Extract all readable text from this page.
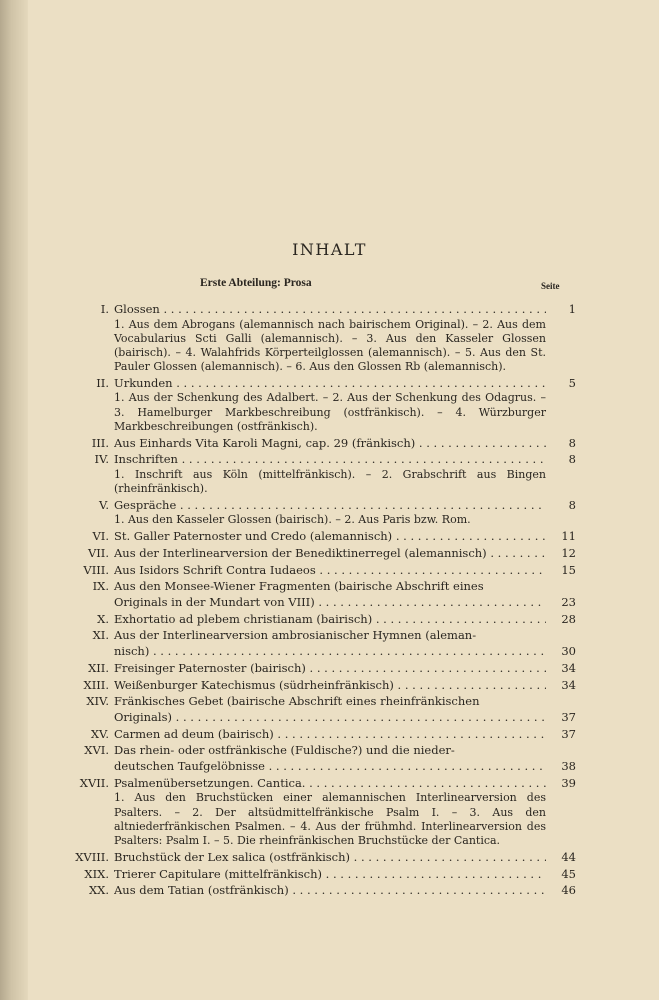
INHALT
Erste Abteilung: Prosa	Seite
I. Glossen . . .	1
1. Aus dem Abrogans (alemannisch nach bairischem Original). – 2. Aus dem Vocabularius Scti Galli (alemannisch). – 3. Aus den Kasseler Glossen (bairisch). – 4. Walahfrids Körperteilglossen (alemannisch). – 5. Aus den St. Pauler Glossen (alemannisch). – 6. Aus den Glossen Rb (alemannisch).
II. Urkunden . . .	5
1. Aus der Schenkung des Adalbert. – 2. Aus der Schenkung des Odagrus. – 3. Hamelburger Markbeschreibung (ostfränkisch). – 4. Würzburger Markbeschreibungen (ostfränkisch).
III. Aus Einhards Vita Karoli Magni, cap. 29 (fränkisch) . . .	8
IV. Inschriften . . .	8
1. Inschrift aus Köln (mittelfränkisch). – 2. Grabschrift aus Bingen (rheinfränkisch).
V. Gespräche . . .	8
1. Aus den Kasseler Glossen (bairisch). – 2. Aus Paris bzw. Rom.
VI. St. Galler Paternoster und Credo (alemannisch) . . .	11
VII. Aus der Interlinearversion der Benediktinerregel (alemannisch) . . .	12
VIII. Aus Isidors Schrift Contra Iudaeos . . .	15
IX. Aus den Monsee-Wiener Fragmenten (bairische Abschrift eines
Originals in der Mundart von VIII) . . .	23
X. Exhortatio ad plebem christianam (bairisch) . . .	28
XI. Aus der Interlinearversion ambrosianischer Hymnen (aleman-
nisch) . . .	30
XII. Freisinger Paternoster (bairisch) . . .	34
XIII. Weißenburger Katechismus (südrheinfränkisch) . . .	34
XIV. Fränkisches Gebet (bairische Abschrift eines rheinfränkischen
Originals) . . .	37
XV. Carmen ad deum (bairisch) . . .	37
XVI. Das rhein- oder ostfränkische (Fuldische?) und die nieder-
deutschen Taufgelöbnisse . . .	38
XVII. Psalmenübersetzungen. Cantica. . . .	39
1. Aus den Bruchstücken einer alemannischen Interlinearversion des Psalters. – 2. Der altsüdmittelfränkische Psalm I. – 3. Aus den altniederfränkischen Psalmen. – 4. Aus der frühmhd. Interlinearversion des Psalters: Psalm I. – 5. Die rheinfränkischen Bruchstücke der Cantica.
XVIII. Bruchstück der Lex salica (ostfränkisch) . . .	44
XIX. Trierer Capitulare (mittelfränkisch) . . .	45
XX. Aus dem Tatian (ostfränkisch) . . .	46
